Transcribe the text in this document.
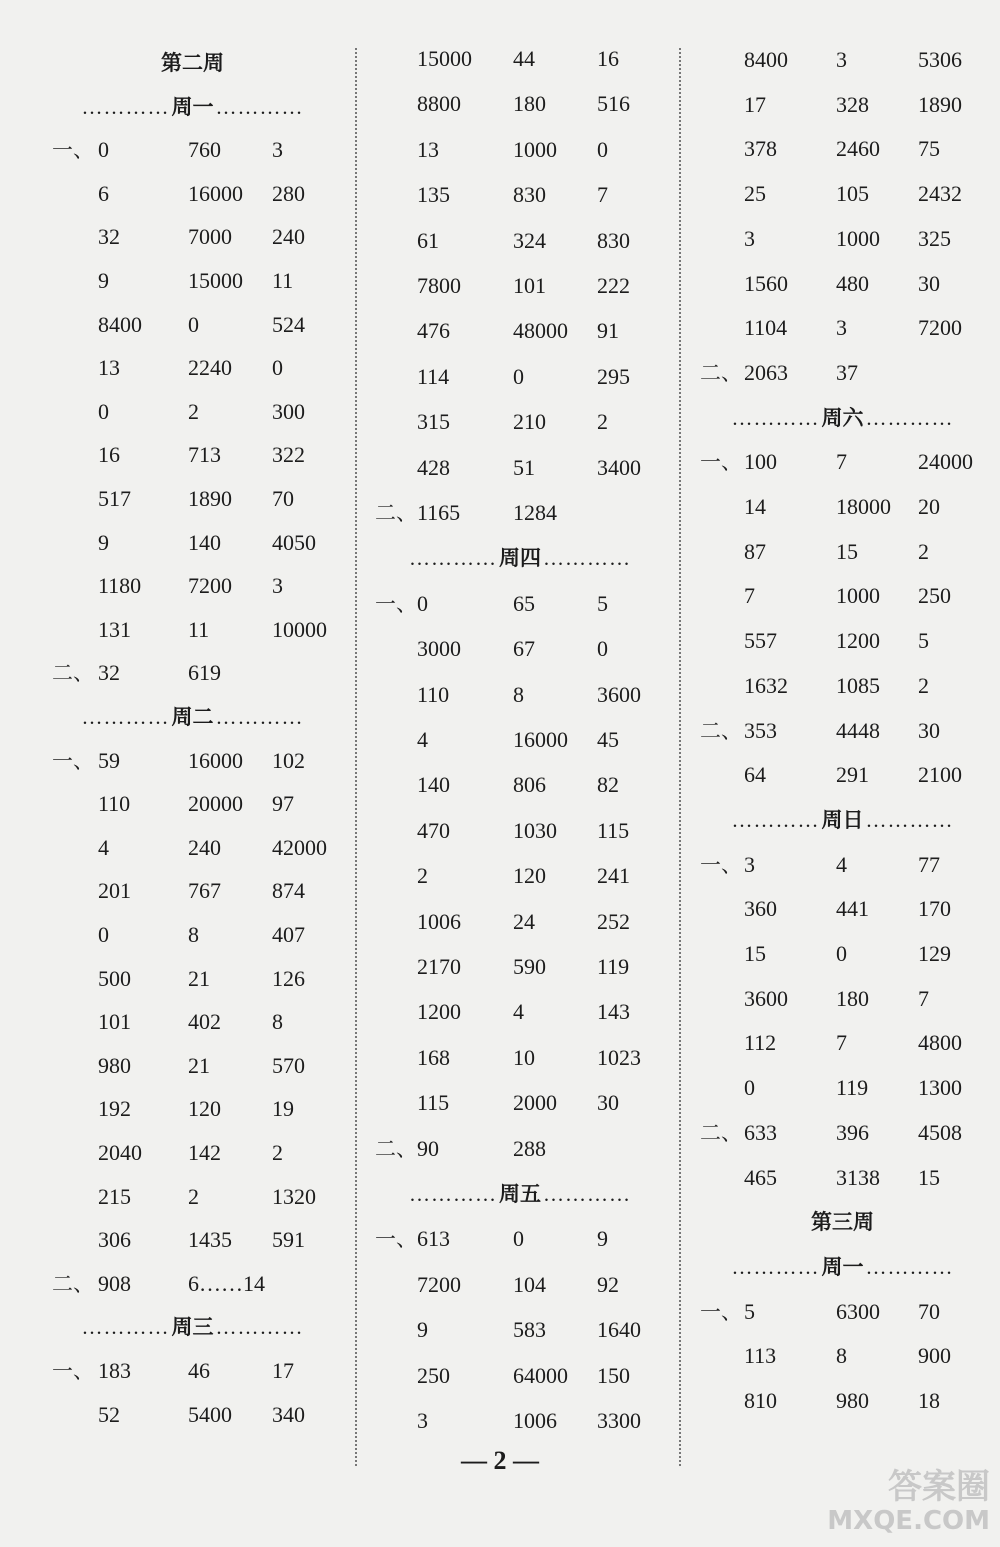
第二周
…………周一…………
一、 0	760 3
6	16000 280
32	7000 240
9	15000 11
8400 0	524
13	2240 0
0	2	300
16	713 322
517	1890 70
9	140 4050
1180 7200 3
131	11	10000
二、 32	619
…………周二…………
一、 59	16000 102
110	20000 97
4	240 42000
201	767 874
0	8	407
500	21	126
101	402 8
980	21	570
192	120 19
2040 142 2
215	2	1320
306	1435 591
二、 908	6……14
…………周三…………
一、 183	46	17
52	5400 340
15000 44	16
8800 180 516
13	1000 0
135	830 7
61	324 830
7800 101 222
476	48000 91
114	0	295
315	210 2
428	51	3400
二、 1165 1284
…………周四…………
一、 0	65	5
3000 67	0
110	8	3600
4	16000 45
140	806 82
470	1030 115
2	120 241
1006 24	252
2170 590 119
1200 4	143
168	10	1023
115	2000 30
二、 90	288
…………周五…………
一、 613	0	9
7200 104 92
9	583 1640
250	64000 150
3	1006 3300
8400 3	5306
17	328 1890
378	2460 75
25	105 2432
3	1000 325
1560 480 30
1104 3	7200
二、 2063 37
…………周六…………
一、 100	7	24000
14	18000 20
87	15	2
7	1000 250
557	1200 5
1632 1085 2
二、 353	4448 30
64	291 2100
…………周日…………
一、 3	4	77
360	441 170
15	0	129
3600 180 7
112	7	4800
0	119 1300
二、 633	396 4508
465	3138 15
第三周
…………周一…………
一、 5	6300 70
113	8	900
810	980 18
— 2 —
答案圈
MXQE.COM
